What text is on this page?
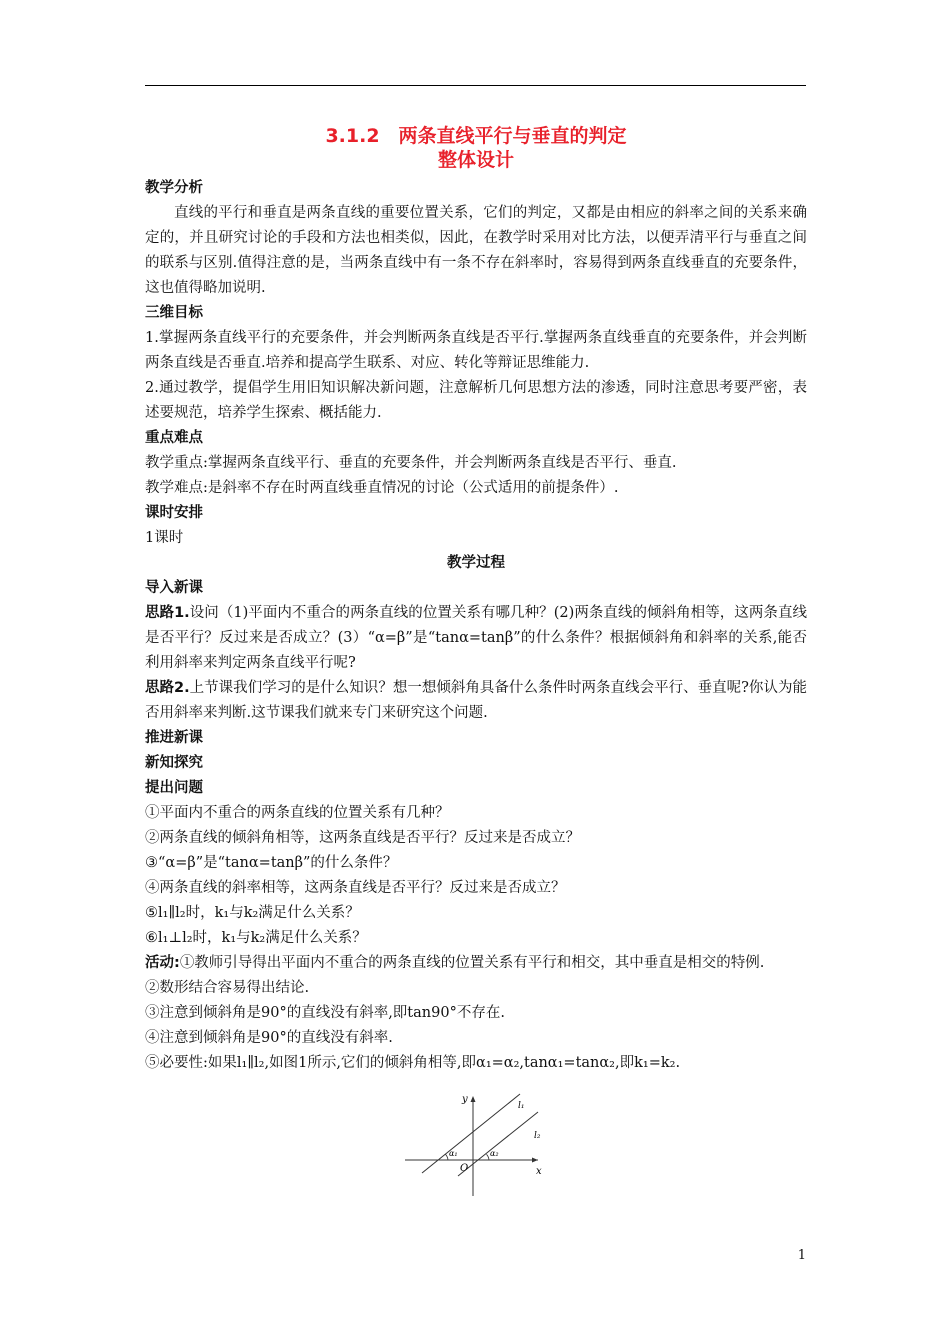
3.1.2　两条直线平行与垂直的判定
整体设计
教学分析

直线的平行和垂直是两条直线的重要位置关系，它们的判定，又都是由相应的斜率之间的关系来确定的，并且研究讨论的手段和方法也相类似，因此，在教学时采用对比方法，以便弄清平行与垂直之间的联系与区别.值得注意的是，当两条直线中有一条不存在斜率时，容易得到两条直线垂直的充要条件，这也值得略加说明.

三维目标

1.掌握两条直线平行的充要条件，并会判断两条直线是否平行.掌握两条直线垂直的充要条件，并会判断两条直线是否垂直.培养和提高学生联系、对应、转化等辩证思维能力.

2.通过教学，提倡学生用旧知识解决新问题，注意解析几何思想方法的渗透，同时注意思考要严密，表述要规范，培养学生探索、概括能力.

重点难点

教学重点:掌握两条直线平行、垂直的充要条件，并会判断两条直线是否平行、垂直.

教学难点:是斜率不存在时两直线垂直情况的讨论（公式适用的前提条件）.

课时安排

1课时

教学过程
导入新课

思路1.设问（1)平面内不重合的两条直线的位置关系有哪几种？(2)两条直线的倾斜角相等，这两条直线是否平行？反过来是否成立？(3）“α=β”是“tanα=tanβ”的什么条件？根据倾斜角和斜率的关系,能否利用斜率来判定两条直线平行呢?

思路2.上节课我们学习的是什么知识？想一想倾斜角具备什么条件时两条直线会平行、垂直呢?你认为能否用斜率来判断.这节课我们就来专门来研究这个问题.

推进新课
新知探究
提出问题

①平面内不重合的两条直线的位置关系有几种？

②两条直线的倾斜角相等，这两条直线是否平行？反过来是否成立？

③“α=β”是“tanα=tanβ”的什么条件？

④两条直线的斜率相等，这两条直线是否平行？反过来是否成立？

⑤l₁∥l₂时，k₁与k₂满足什么关系？

⑥l₁⊥l₂时，k₁与k₂满足什么关系？

活动:①教师引导得出平面内不重合的两条直线的位置关系有平行和相交，其中垂直是相交的特例.

②数形结合容易得出结论.

③注意到倾斜角是90°的直线没有斜率,即tan90°不存在.

④注意到倾斜角是90°的直线没有斜率.

⑤必要性:如果l₁∥l₂,如图1所示,它们的倾斜角相等,即α₁=α₂,tanα₁=tanα₂,即k₁=k₂.

y
x
O
l₁
l₂
α₁	α₂
1
